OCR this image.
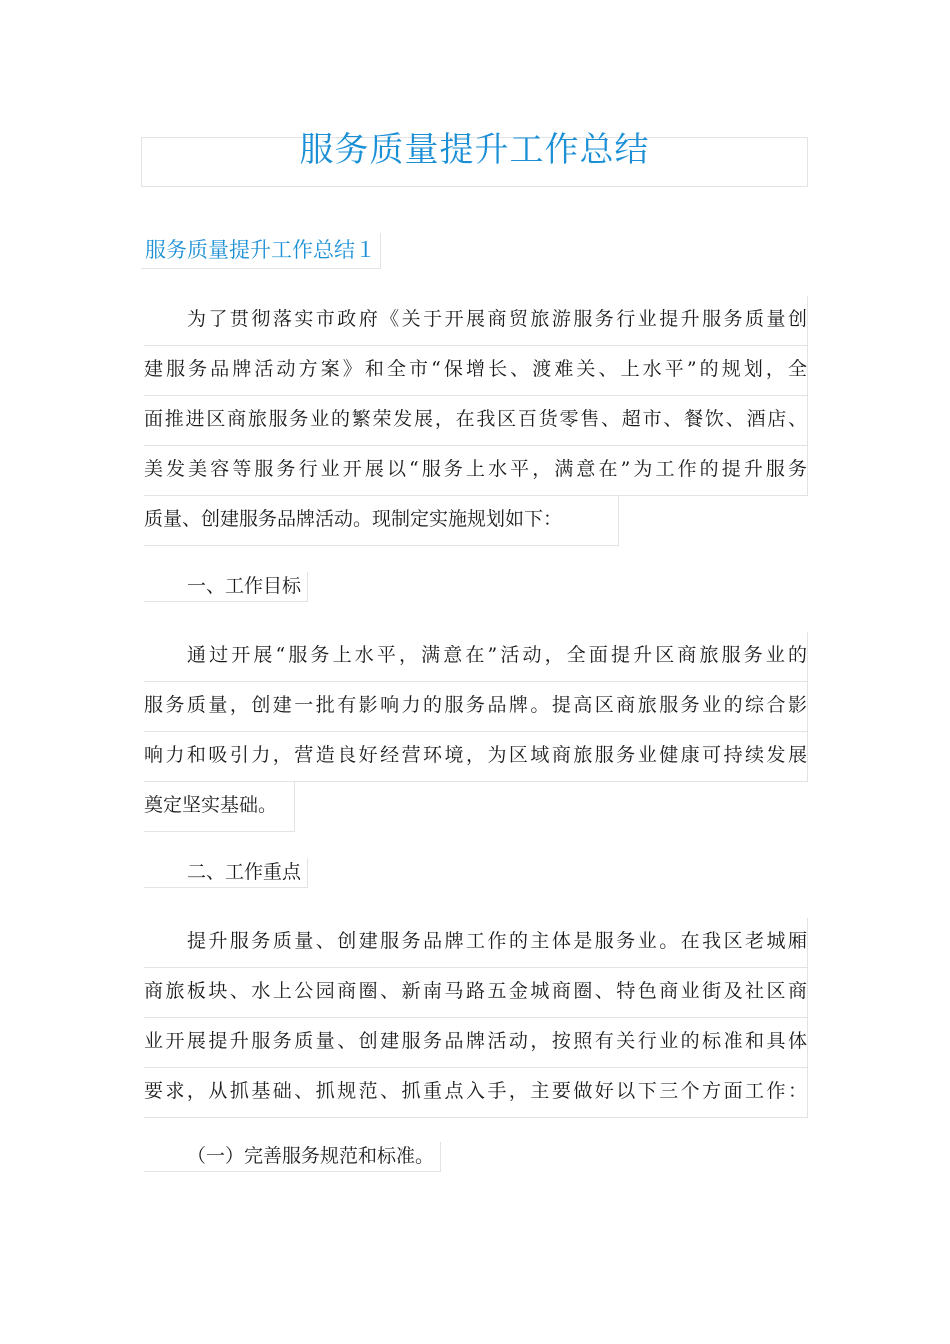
服务质量提升工作总结
服务质量提升工作总结１
为了贯彻落实市政府《关于开展商贸旅游服务行业提升服务质量创
建服务品牌活动方案》和全市“保增长、渡难关、上水平”的规划，全
面推进区商旅服务业的繁荣发展，在我区百货零售、超市、餐饮、酒店、
美发美容等服务行业开展以“服务上水平，满意在”为工作的提升服务
质量、创建服务品牌活动。现制定实施规划如下：
一、工作目标
通过开展“服务上水平，满意在”活动，全面提升区商旅服务业的
服务质量，创建一批有影响力的服务品牌。提高区商旅服务业的综合影
响力和吸引力，营造良好经营环境，为区域商旅服务业健康可持续发展
奠定坚实基础。
二、工作重点
提升服务质量、创建服务品牌工作的主体是服务业。在我区老城厢
商旅板块、水上公园商圈、新南马路五金城商圈、特色商业街及社区商
业开展提升服务质量、创建服务品牌活动，按照有关行业的标准和具体
要求，从抓基础、抓规范、抓重点入手，主要做好以下三个方面工作：
（一）完善服务规范和标准。
